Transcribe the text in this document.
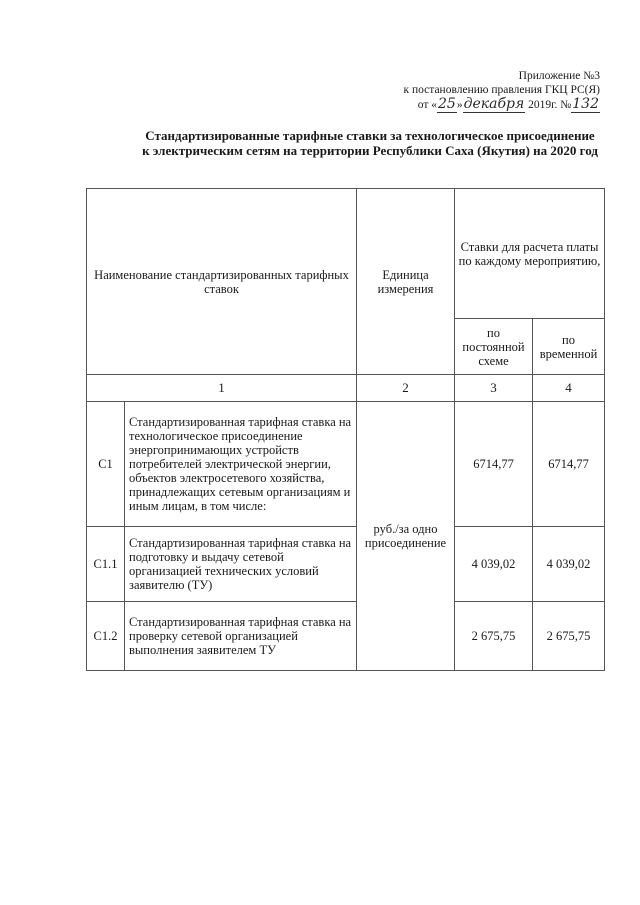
Приложение №3
к постановлению правления ГКЦ РС(Я)
от «25»декабря 2019г. №132
Стандартизированные тарифные ставки за технологическое присоединение к электрическим сетям на территории Республики Саха (Якутия) на 2020 год
Наименование стандартизированных тарифных ставок		Единица измерения	Ставки для расчета платы по каждому мероприятию,	
			по постоянной схеме	по временной
1		2	3	4
С1	Стандартизированная тарифная ставка на технологическое присоединение энергопринимающих устройств потребителей электрической энергии, объектов электросетевого хозяйства, принадлежащих сетевым организациям и иным лицам, в том числе:	руб./за одно присоединение	6714,77	6714,77
С1.1	Стандартизированная тарифная ставка на подготовку и выдачу сетевой организацией технических условий заявителю (ТУ)		4 039,02	4 039,02
С1.2	Стандартизированная тарифная ставка на проверку сетевой организацией выполнения заявителем ТУ		2 675,75	2 675,75
